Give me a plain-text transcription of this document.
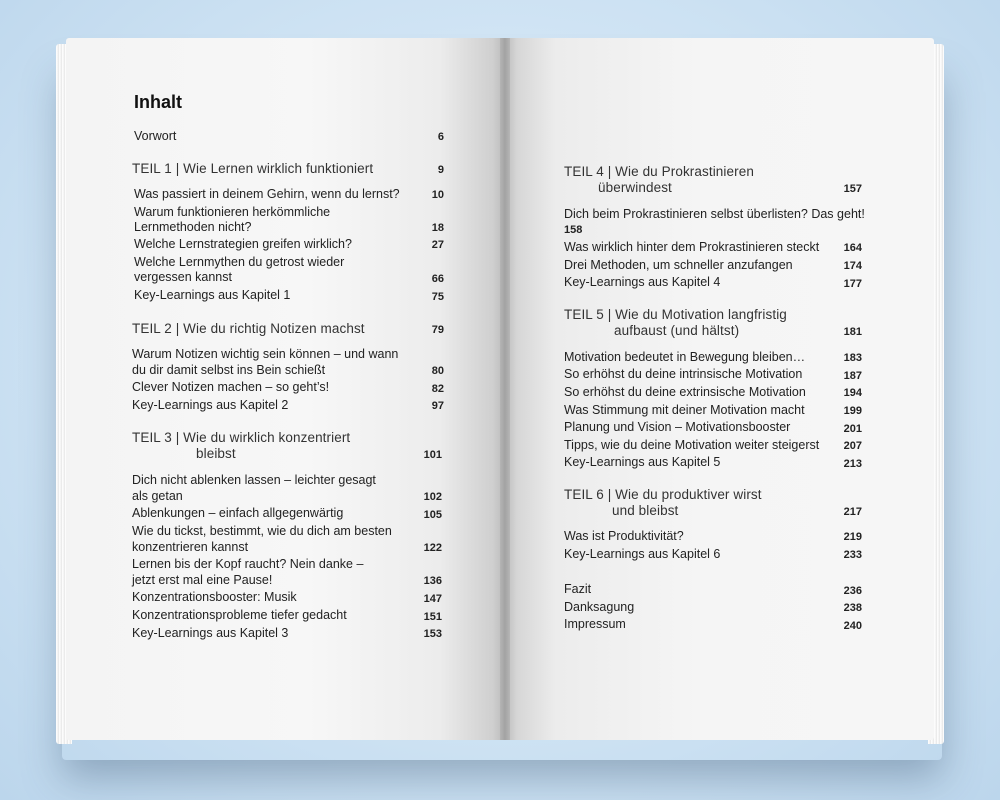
Inhalt
Vorwort	6
TEIL 1 | Wie Lernen wirklich funktioniert	9
Was passiert in deinem Gehirn, wenn du lernst?	10
Warum funktionieren herkömmliche
Lernmethoden nicht?	18
Welche Lernstrategien greifen wirklich?	27
Welche Lernmythen du getrost wieder
vergessen kannst	66
Key-Learnings aus Kapitel 1	75
TEIL 2 | Wie du richtig Notizen machst	79
Warum Notizen wichtig sein können – und wann
du dir damit selbst ins Bein schießt	80
Clever Notizen machen – so geht’s!	82
Key-Learnings aus Kapitel 2	97
TEIL 3 | Wie du wirklich konzentriert
bleibst	101
Dich nicht ablenken lassen – leichter gesagt
als getan	102
Ablenkungen – einfach allgegenwärtig	105
Wie du tickst, bestimmt, wie du dich am besten
konzentrieren kannst	122
Lernen bis der Kopf raucht? Nein danke –
jetzt erst mal eine Pause!	136
Konzentrationsbooster: Musik	147
Konzentrationsprobleme tiefer gedacht	151
Key-Learnings aus Kapitel 3	153
TEIL 4 | Wie du Prokrastinieren
überwindest	157
Dich beim Prokrastinieren selbst überlisten? Das geht!
158
Was wirklich hinter dem Prokrastinieren steckt	164
Drei Methoden, um schneller anzufangen	174
Key-Learnings aus Kapitel 4	177
TEIL 5 | Wie du Motivation langfristig
aufbaust (und hältst)	181
Motivation bedeutet in Bewegung bleiben…	183
So erhöhst du deine intrinsische Motivation	187
So erhöhst du deine extrinsische Motivation	194
Was Stimmung mit deiner Motivation macht	199
Planung und Vision – Motivationsbooster	201
Tipps, wie du deine Motivation weiter steigerst	207
Key-Learnings aus Kapitel 5	213
TEIL 6 | Wie du produktiver wirst
und bleibst	217
Was ist Produktivität?	219
Key-Learnings aus Kapitel 6	233
Fazit	236
Danksagung	238
Impressum	240
